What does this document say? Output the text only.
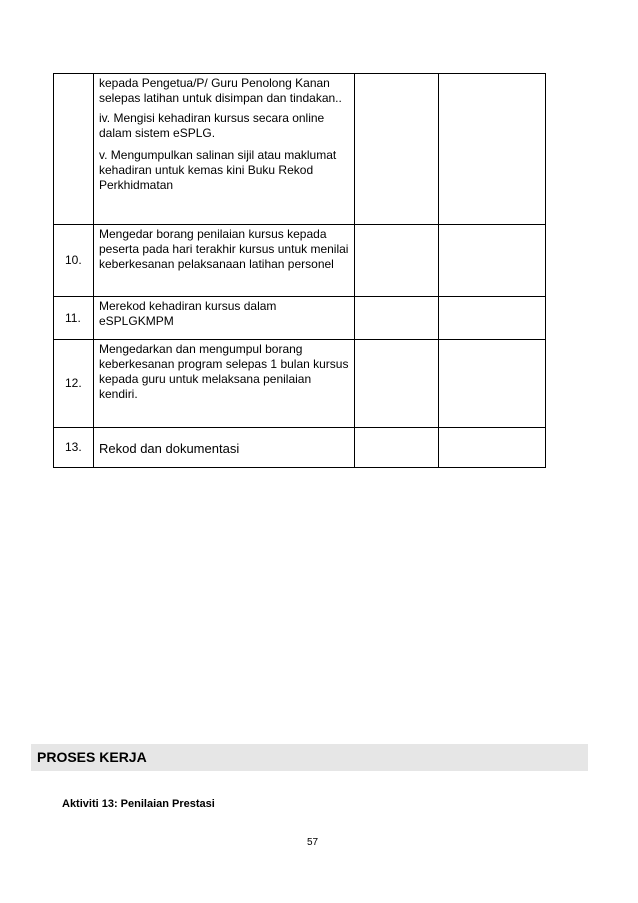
	kepada Pengetua/P/ Guru Penolong Kanan selepas latihan untuk disimpan dan tindakan..
iv. Mengisi kehadiran kursus secara online dalam sistem eSPLG.
v. Mengumpulkan salinan sijil atau maklumat kehadiran untuk kemas kini Buku Rekod Perkhidmatan		

10.	Mengedar borang penilaian kursus kepada peserta pada hari terakhir kursus untuk menilai keberkesanan pelaksanaan latihan personel		

11.	Merekod kehadiran kursus dalam eSPLGKMPM		

12.	Mengedarkan dan mengumpul borang keberkesanan program selepas 1 bulan kursus kepada guru untuk melaksana penilaian kendiri.		

13.	Rekod dan dokumentasi		

PROSES KERJA
Aktiviti 13: Penilaian Prestasi
57
